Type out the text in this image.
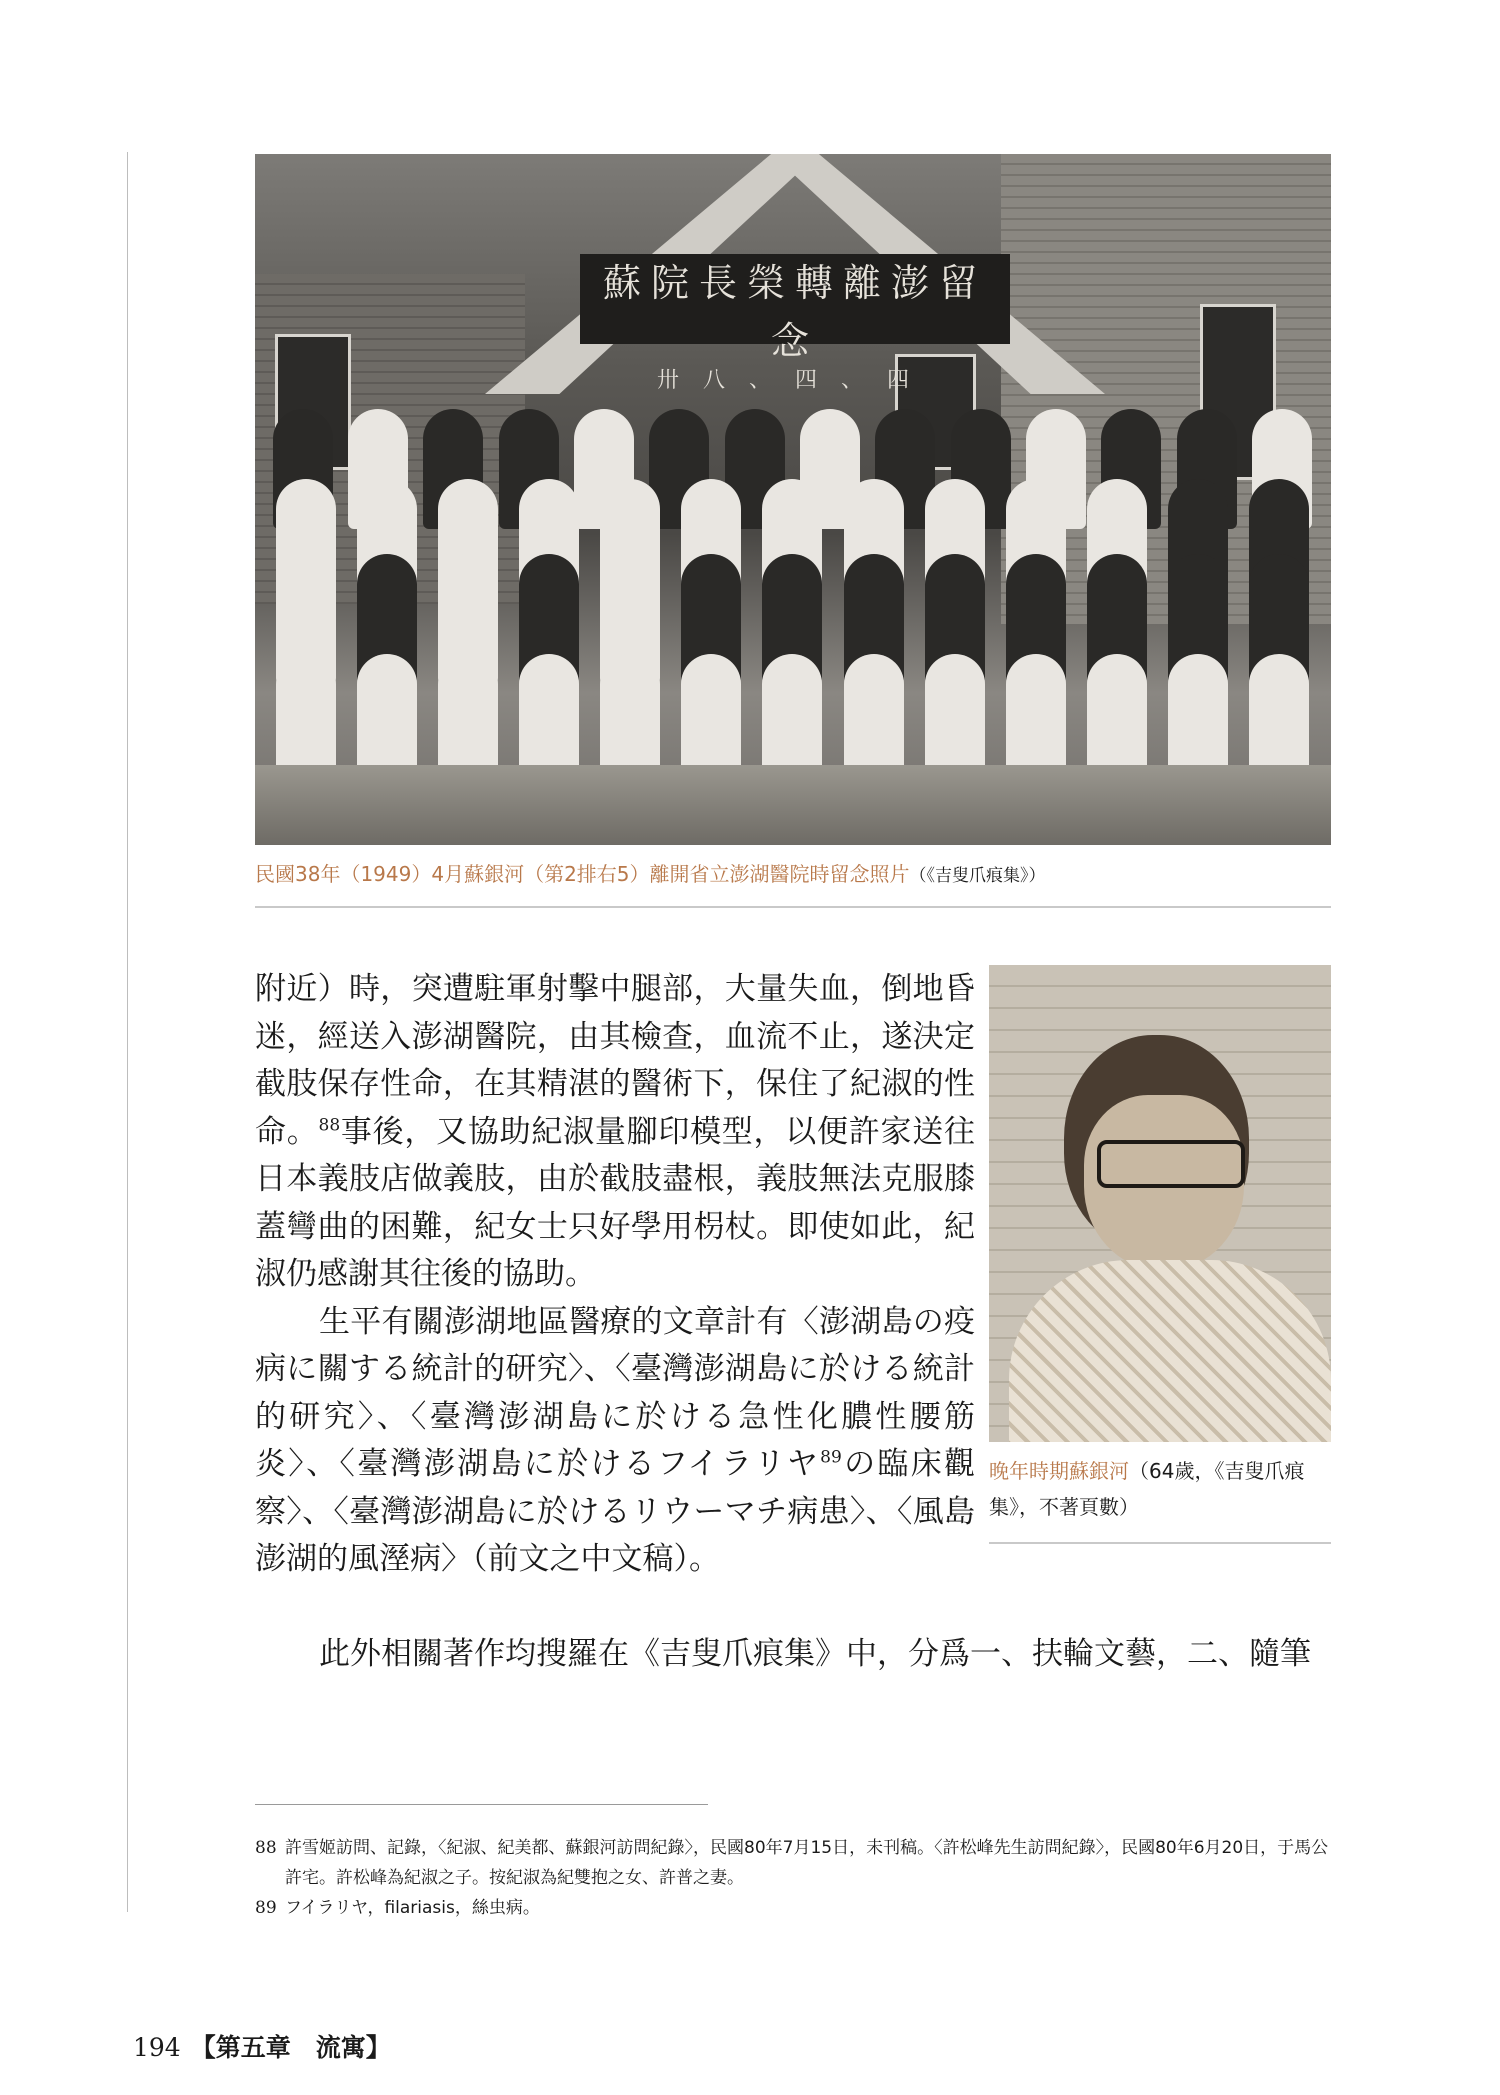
蘇院長榮轉離澎留念
卅八、四、四
民國38年（1949）4月蘇銀河（第2排右5）離開省立澎湖醫院時留念照片（《吉叟爪痕集》）

附近）時，突遭駐軍射擊中腿部，大量失血，倒地昏迷，經送入澎湖醫院，由其檢查，血流不止，遂決定截肢保存性命，在其精湛的醫術下，保住了紀淑的性命。$^{88}$事後，又協助紀淑量腳印模型，以便許家送往日本義肢店做義肢，由於截肢盡根，義肢無法克服膝蓋彎曲的困難，紀女士只好學用枴杖。即使如此，紀淑仍感謝其往後的協助。

生平有關澎湖地區醫療的文章計有〈澎湖島の疫病に關する統計的研究〉、〈臺灣澎湖島に於ける統計的研究〉、〈臺灣澎湖島に於ける急性化膿性腰筋炎〉、〈臺灣澎湖島に於けるフイラリヤ$^{89}$の臨床觀察〉、〈臺灣澎湖島に於けるリウーマチ病患〉、〈風島澎湖的風溼病〉（前文之中文稿）。

此外相關著作均搜羅在《吉叟爪痕集》中，分爲一、扶輪文藝，二、隨筆
晚年時期蘇銀河（64歲，《吉叟爪痕集》，不著頁數）
88 許雪姬訪問、記錄，〈紀淑、紀美都、蘇銀河訪問紀錄〉，民國80年7月15日，未刊稿。〈許松峰先生訪問紀錄〉，民國80年6月20日，于馬公許宅。許松峰為紀淑之子。按紀淑為紀雙抱之女、許普之妻。
89 フイラリヤ，filariasis，絲虫病。
194 【第五章　流寓】
